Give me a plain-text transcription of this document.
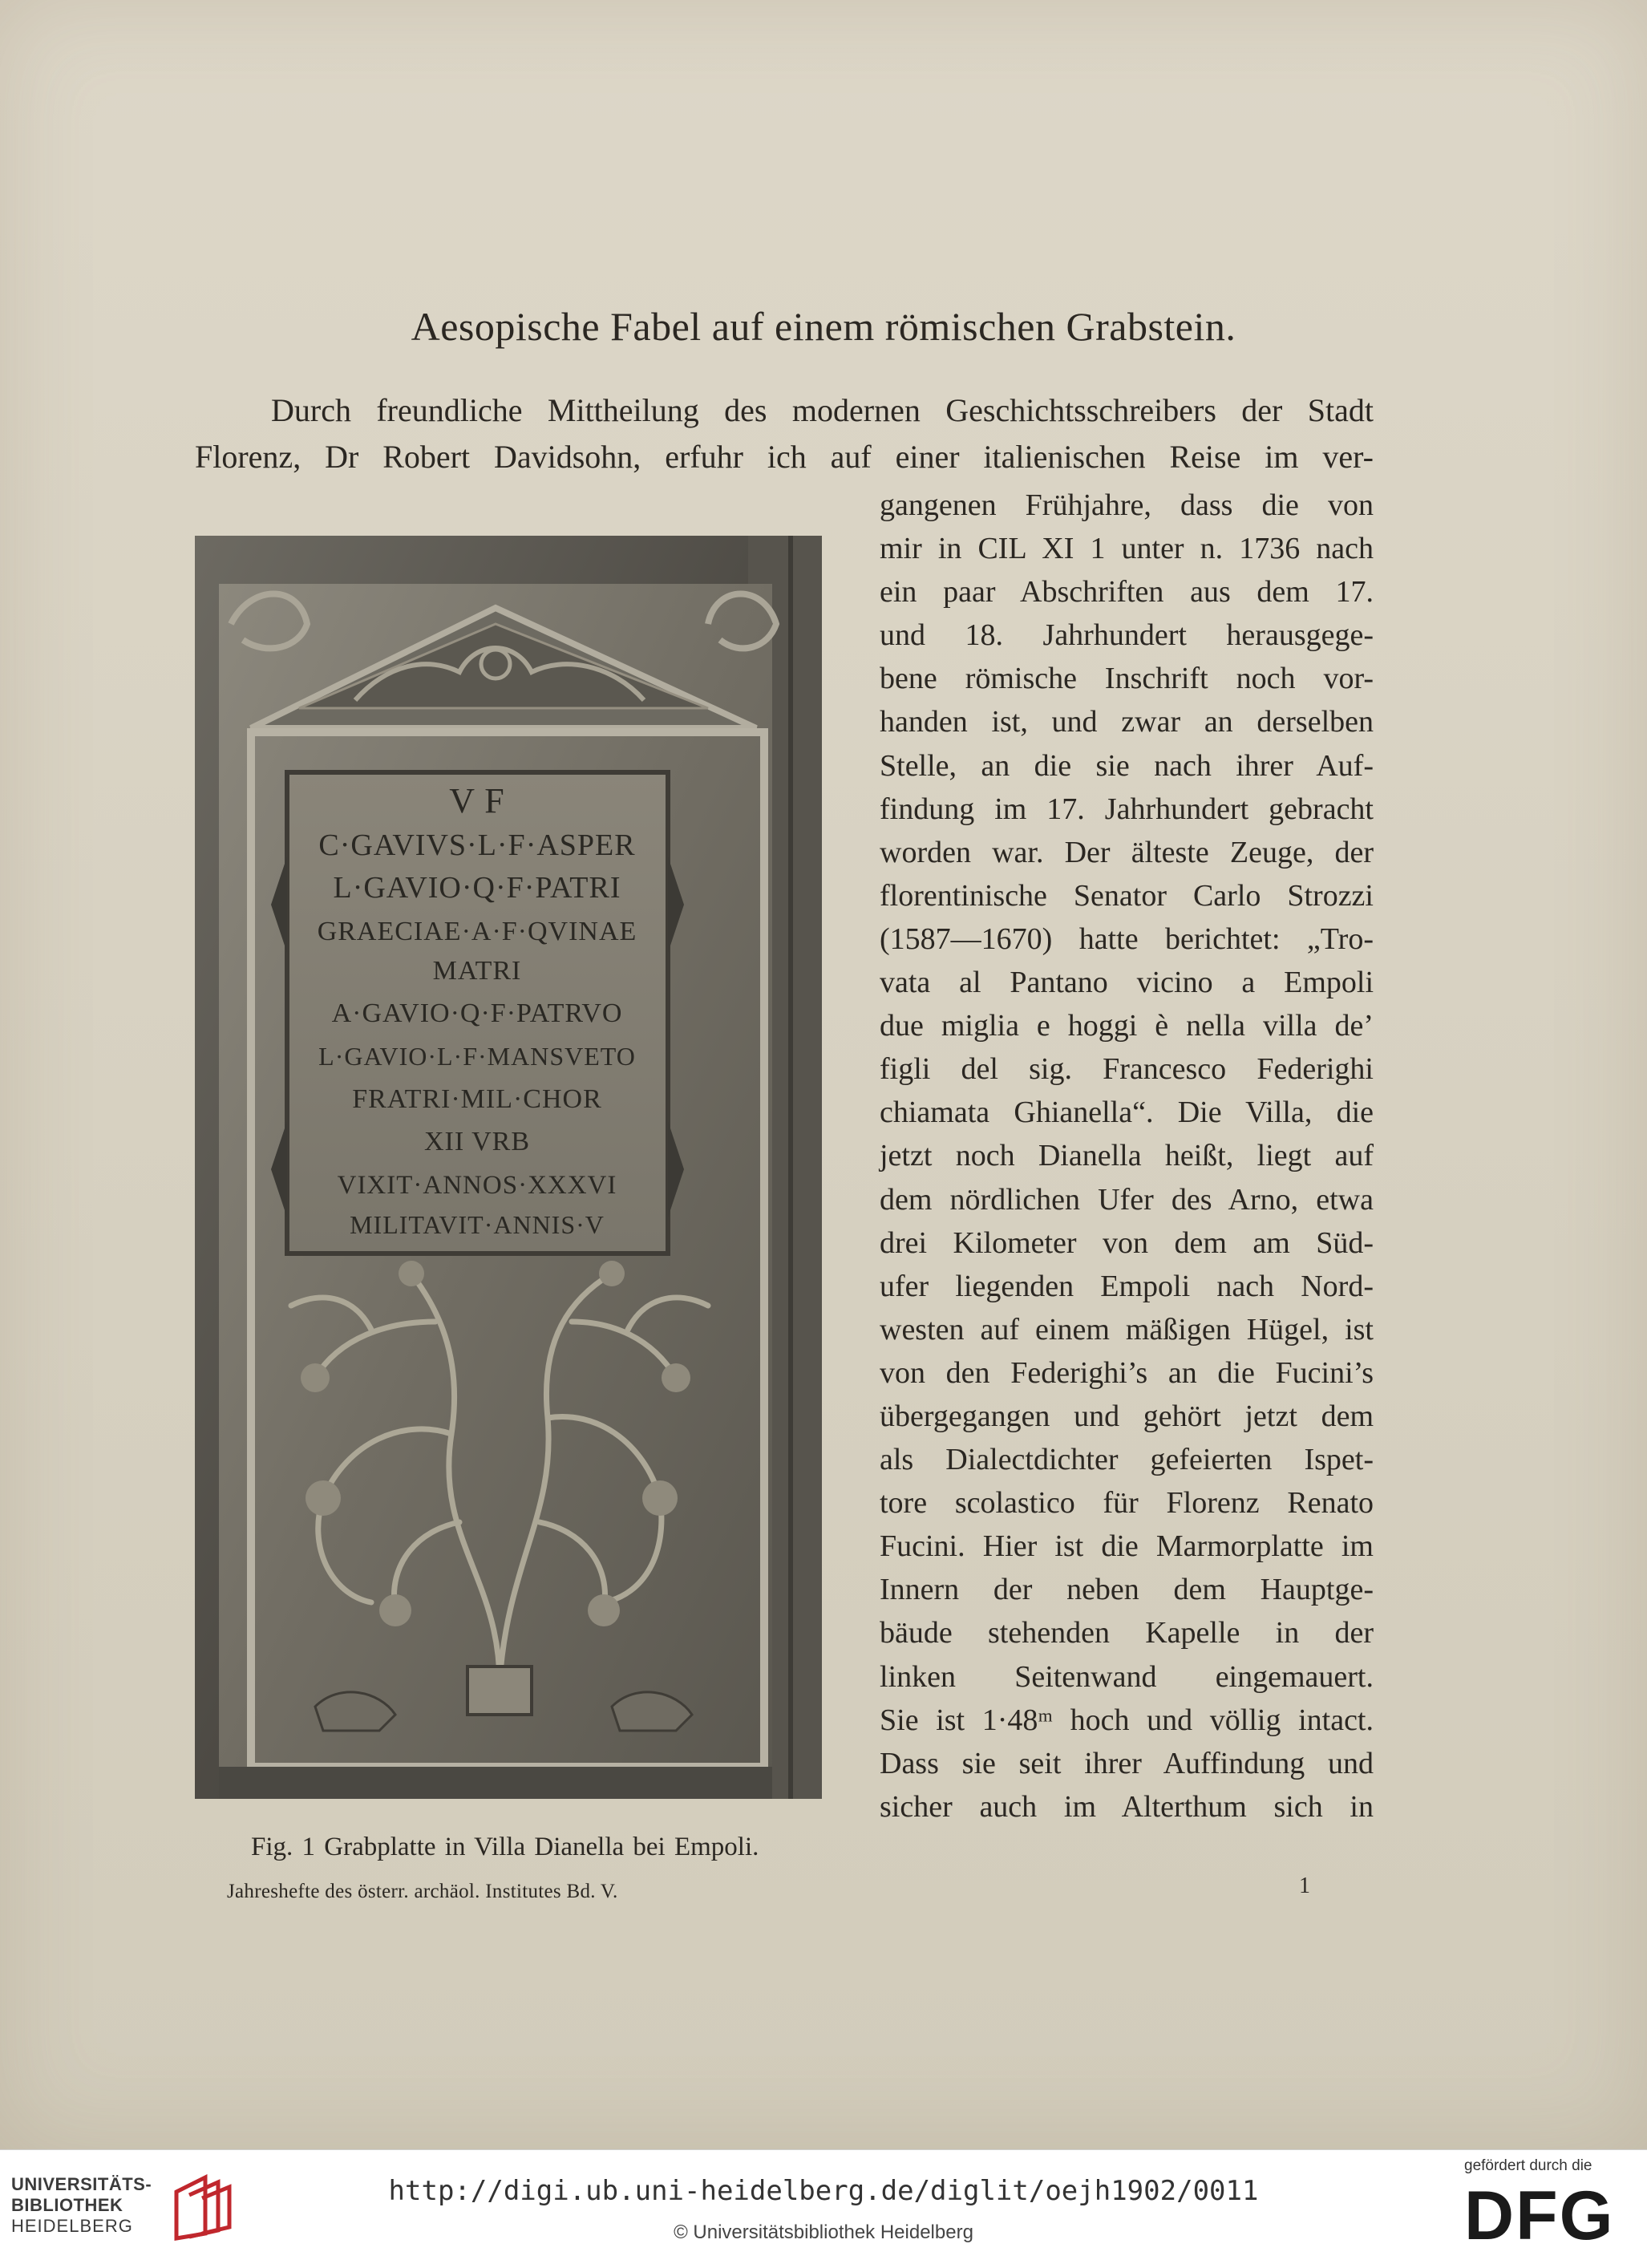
Aesopische Fabel auf einem römischen Grabstein.
Durch freundliche Mittheilung des modernen Geschichtsschreibers der Stadt
Florenz, Dr Robert Davidsohn, erfuhr ich auf einer italienischen Reise im ver-
V F
C·GAVIVS·L·F·ASPER
L·GAVIO·Q·F·PATRI
GRAECIAE·A·F·QVINAE
MATRI
A·GAVIO·Q·F·PATRVO
L·GAVIO·L·F·MANSVETO
FRATRI·MIL·CHOR
XII VRB
VIXIT·ANNOS·XXXVI
MILITAVIT·ANNIS·V
gangenen Frühjahre, dass die von
mir in CIL XI 1 unter n. 1736 nach
ein paar Abschriften aus dem 17.
und 18. Jahrhundert herausgege-
bene römische Inschrift noch vor-
handen ist, und zwar an derselben
Stelle, an die sie nach ihrer Auf-
findung im 17. Jahrhundert gebracht
worden war. Der älteste Zeuge, der
florentinische Senator Carlo Strozzi
(1587—1670) hatte berichtet: „Tro-
vata al Pantano vicino a Empoli
due miglia e hoggi è nella villa de’
figli del sig. Francesco Federighi
chiamata Ghianella“. Die Villa, die
jetzt noch Dianella heißt, liegt auf
dem nördlichen Ufer des Arno, etwa
drei Kilometer von dem am Süd-
ufer liegenden Empoli nach Nord-
westen auf einem mäßigen Hügel, ist
von den Federighi’s an die Fucini’s
übergegangen und gehört jetzt dem
als Dialectdichter gefeierten Ispet-
tore scolastico für Florenz Renato
Fucini. Hier ist die Marmorplatte im
Innern der neben dem Hauptge-
bäude stehenden Kapelle in der
linken Seitenwand eingemauert.
Sie ist 1·48ᵐ hoch und völlig intact.
Dass sie seit ihrer Auffindung und
sicher auch im Alterthum sich in
Fig. 1 Grabplatte in Villa Dianella bei Empoli.
Jahreshefte des österr. archäol. Institutes Bd. V.	1
UNIVERSITÄTS-
BIBLIOTHEK
HEIDELBERG
http://digi.ub.uni-heidelberg.de/diglit/oejh1902/0011
© Universitätsbibliothek Heidelberg
gefördert durch die
DFG
